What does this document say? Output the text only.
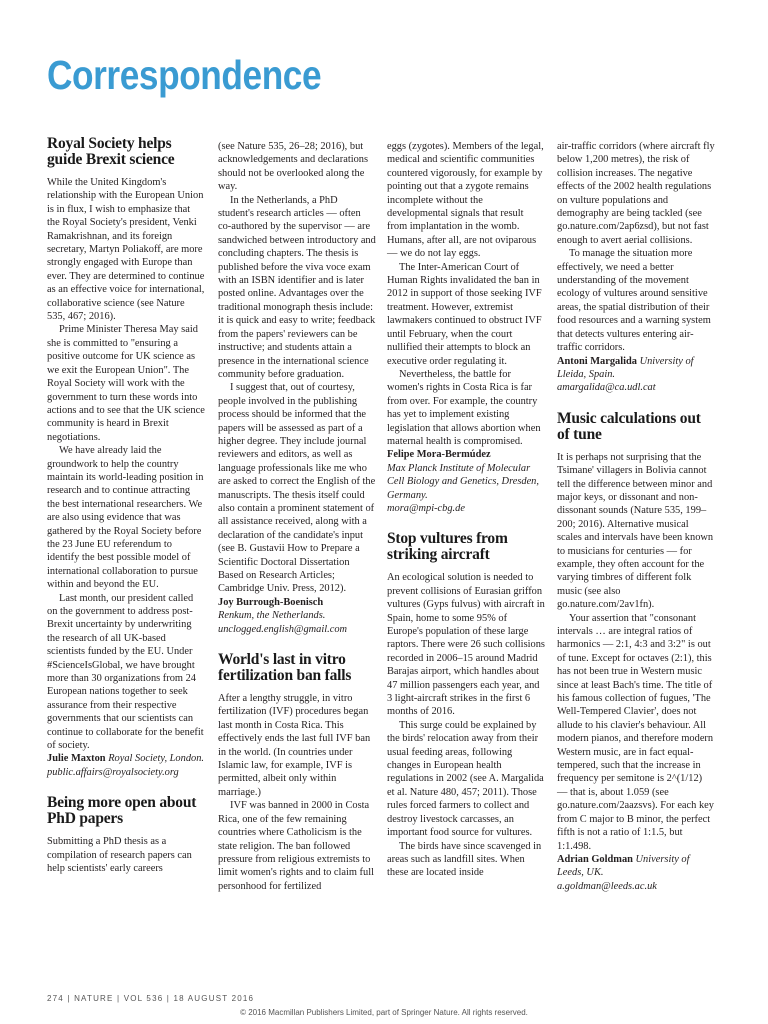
Correspondence
Royal Society helps guide Brexit science

While the United Kingdom's relationship with the European Union is in flux, I wish to emphasize that the Royal Society's president, Venki Ramakrishnan, and its foreign secretary, Martyn Poliakoff, are more strongly engaged with Europe than ever. They are determined to continue as an effective voice for international, collaborative science (see Nature 535, 467; 2016).

Prime Minister Theresa May said she is committed to "ensuring a positive outcome for UK science as we exit the European Union". The Royal Society will work with the government to turn these words into actions and to see that the UK science community is heard in Brexit negotiations.

We have already laid the groundwork to help the country maintain its world-leading position in research and to continue attracting the best international researchers. We are also using evidence that was gathered by the Royal Society before the 23 June EU referendum to identify the best possible model of international collaboration to pursue within and beyond the EU.

Last month, our president called on the government to address post-Brexit uncertainty by underwriting the research of all UK-based scientists funded by the EU. Under #ScienceIsGlobal, we have brought more than 30 organizations from 24 European nations together to seek assurance from their respective governments that our scientists can continue to collaborate for the benefit of society.

Julie Maxton Royal Society, London.
public.affairs@royalsociety.org
Being more open about PhD papers

Submitting a PhD thesis as a compilation of research papers can help scientists' early careers

(see Nature 535, 26–28; 2016), but acknowledgements and declarations should not be overlooked along the way.

In the Netherlands, a PhD student's research articles — often co-authored by the supervisor — are sandwiched between introductory and concluding chapters. The thesis is published before the viva voce exam with an ISBN identifier and is later posted online. Advantages over the traditional monograph thesis include: it is quick and easy to write; feedback from the papers' reviewers can be instructive; and students attain a presence in the international science community before graduation.

I suggest that, out of courtesy, people involved in the publishing process should be informed that the papers will be assessed as part of a higher degree. They include journal reviewers and editors, as well as language professionals like me who are asked to correct the English of the manuscripts. The thesis itself could also contain a prominent statement of all assistance received, along with a declaration of the candidate's input (see B. Gustavii How to Prepare a Scientific Doctoral Dissertation Based on Research Articles; Cambridge Univ. Press, 2012).

Joy Burrough-Boenisch
Renkum, the Netherlands.
unclogged.english@gmail.com
World's last in vitro fertilization ban falls

After a lengthy struggle, in vitro fertilization (IVF) procedures began last month in Costa Rica. This effectively ends the last full IVF ban in the world. (In countries under Islamic law, for example, IVF is permitted, albeit only within marriage.)

IVF was banned in 2000 in Costa Rica, one of the few remaining countries where Catholicism is the state religion. The ban followed pressure from religious extremists to limit women's rights and to claim full personhood for fertilized

eggs (zygotes). Members of the legal, medical and scientific communities countered vigorously, for example by pointing out that a zygote remains incomplete without the developmental signals that result from implantation in the womb. Humans, after all, are not oviparous — we do not lay eggs.

The Inter-American Court of Human Rights invalidated the ban in 2012 in support of those seeking IVF treatment. However, extremist lawmakers continued to obstruct IVF until February, when the court nullified their attempts to block an executive order regulating it.

Nevertheless, the battle for women's rights in Costa Rica is far from over. For example, the country has yet to implement existing legislation that allows abortion when maternal health is compromised.

Felipe Mora-Bermúdez
Max Planck Institute of Molecular Cell Biology and Genetics, Dresden, Germany.
mora@mpi-cbg.de
Stop vultures from striking aircraft

An ecological solution is needed to prevent collisions of Eurasian griffon vultures (Gyps fulvus) with aircraft in Spain, home to some 95% of Europe's population of these large raptors. There were 26 such collisions recorded in 2006–15 around Madrid Barajas airport, which handles about 47 million passengers each year, and 3 light-aircraft strikes in the first 6 months of 2016.

This surge could be explained by the birds' relocation away from their usual feeding areas, following changes in European health regulations in 2002 (see A. Margalida et al. Nature 480, 457; 2011). Those rules forced farmers to collect and destroy livestock carcasses, an important food source for vultures.

The birds have since scavenged in areas such as landfill sites. When these are located inside

air-traffic corridors (where aircraft fly below 1,200 metres), the risk of collision increases. The negative effects of the 2002 health regulations on vulture populations and demography are being tackled (see go.nature.com/2ap6zsd), but not fast enough to avert aerial collisions.

To manage the situation more effectively, we need a better understanding of the movement ecology of vultures around sensitive areas, the spatial distribution of their food resources and a warning system that detects vultures entering air-traffic corridors.

Antoni Margalida University of Lleida, Spain.
amargalida@ca.udl.cat
Music calculations out of tune

It is perhaps not surprising that the Tsimane' villagers in Bolivia cannot tell the difference between minor and major keys, or dissonant and non-dissonant sounds (Nature 535, 199–200; 2016). Alternative musical scales and intervals have been known to musicians for centuries — for example, they often account for the varying timbres of different folk music (see also go.nature.com/2av1fn).

Your assertion that "consonant intervals … are integral ratios of harmonics — 2:1, 4:3 and 3:2" is out of tune. Except for octaves (2:1), this has not been true in Western music since at least Bach's time. The title of his famous collection of fugues, 'The Well-Tempered Clavier', does not allude to his clavier's behaviour. All modern pianos, and therefore modern Western music, are in fact equal-tempered, such that the increase in frequency per semitone is 2^(1/12) — that is, about 1.059 (see go.nature.com/2aazsvs). For each key from C major to B minor, the perfect fifth is not a ratio of 1:1.5, but 1:1.498.

Adrian Goldman University of Leeds, UK.
a.goldman@leeds.ac.uk
274 | NATURE | VOL 536 | 18 AUGUST 2016
© 2016 Macmillan Publishers Limited, part of Springer Nature. All rights reserved.
